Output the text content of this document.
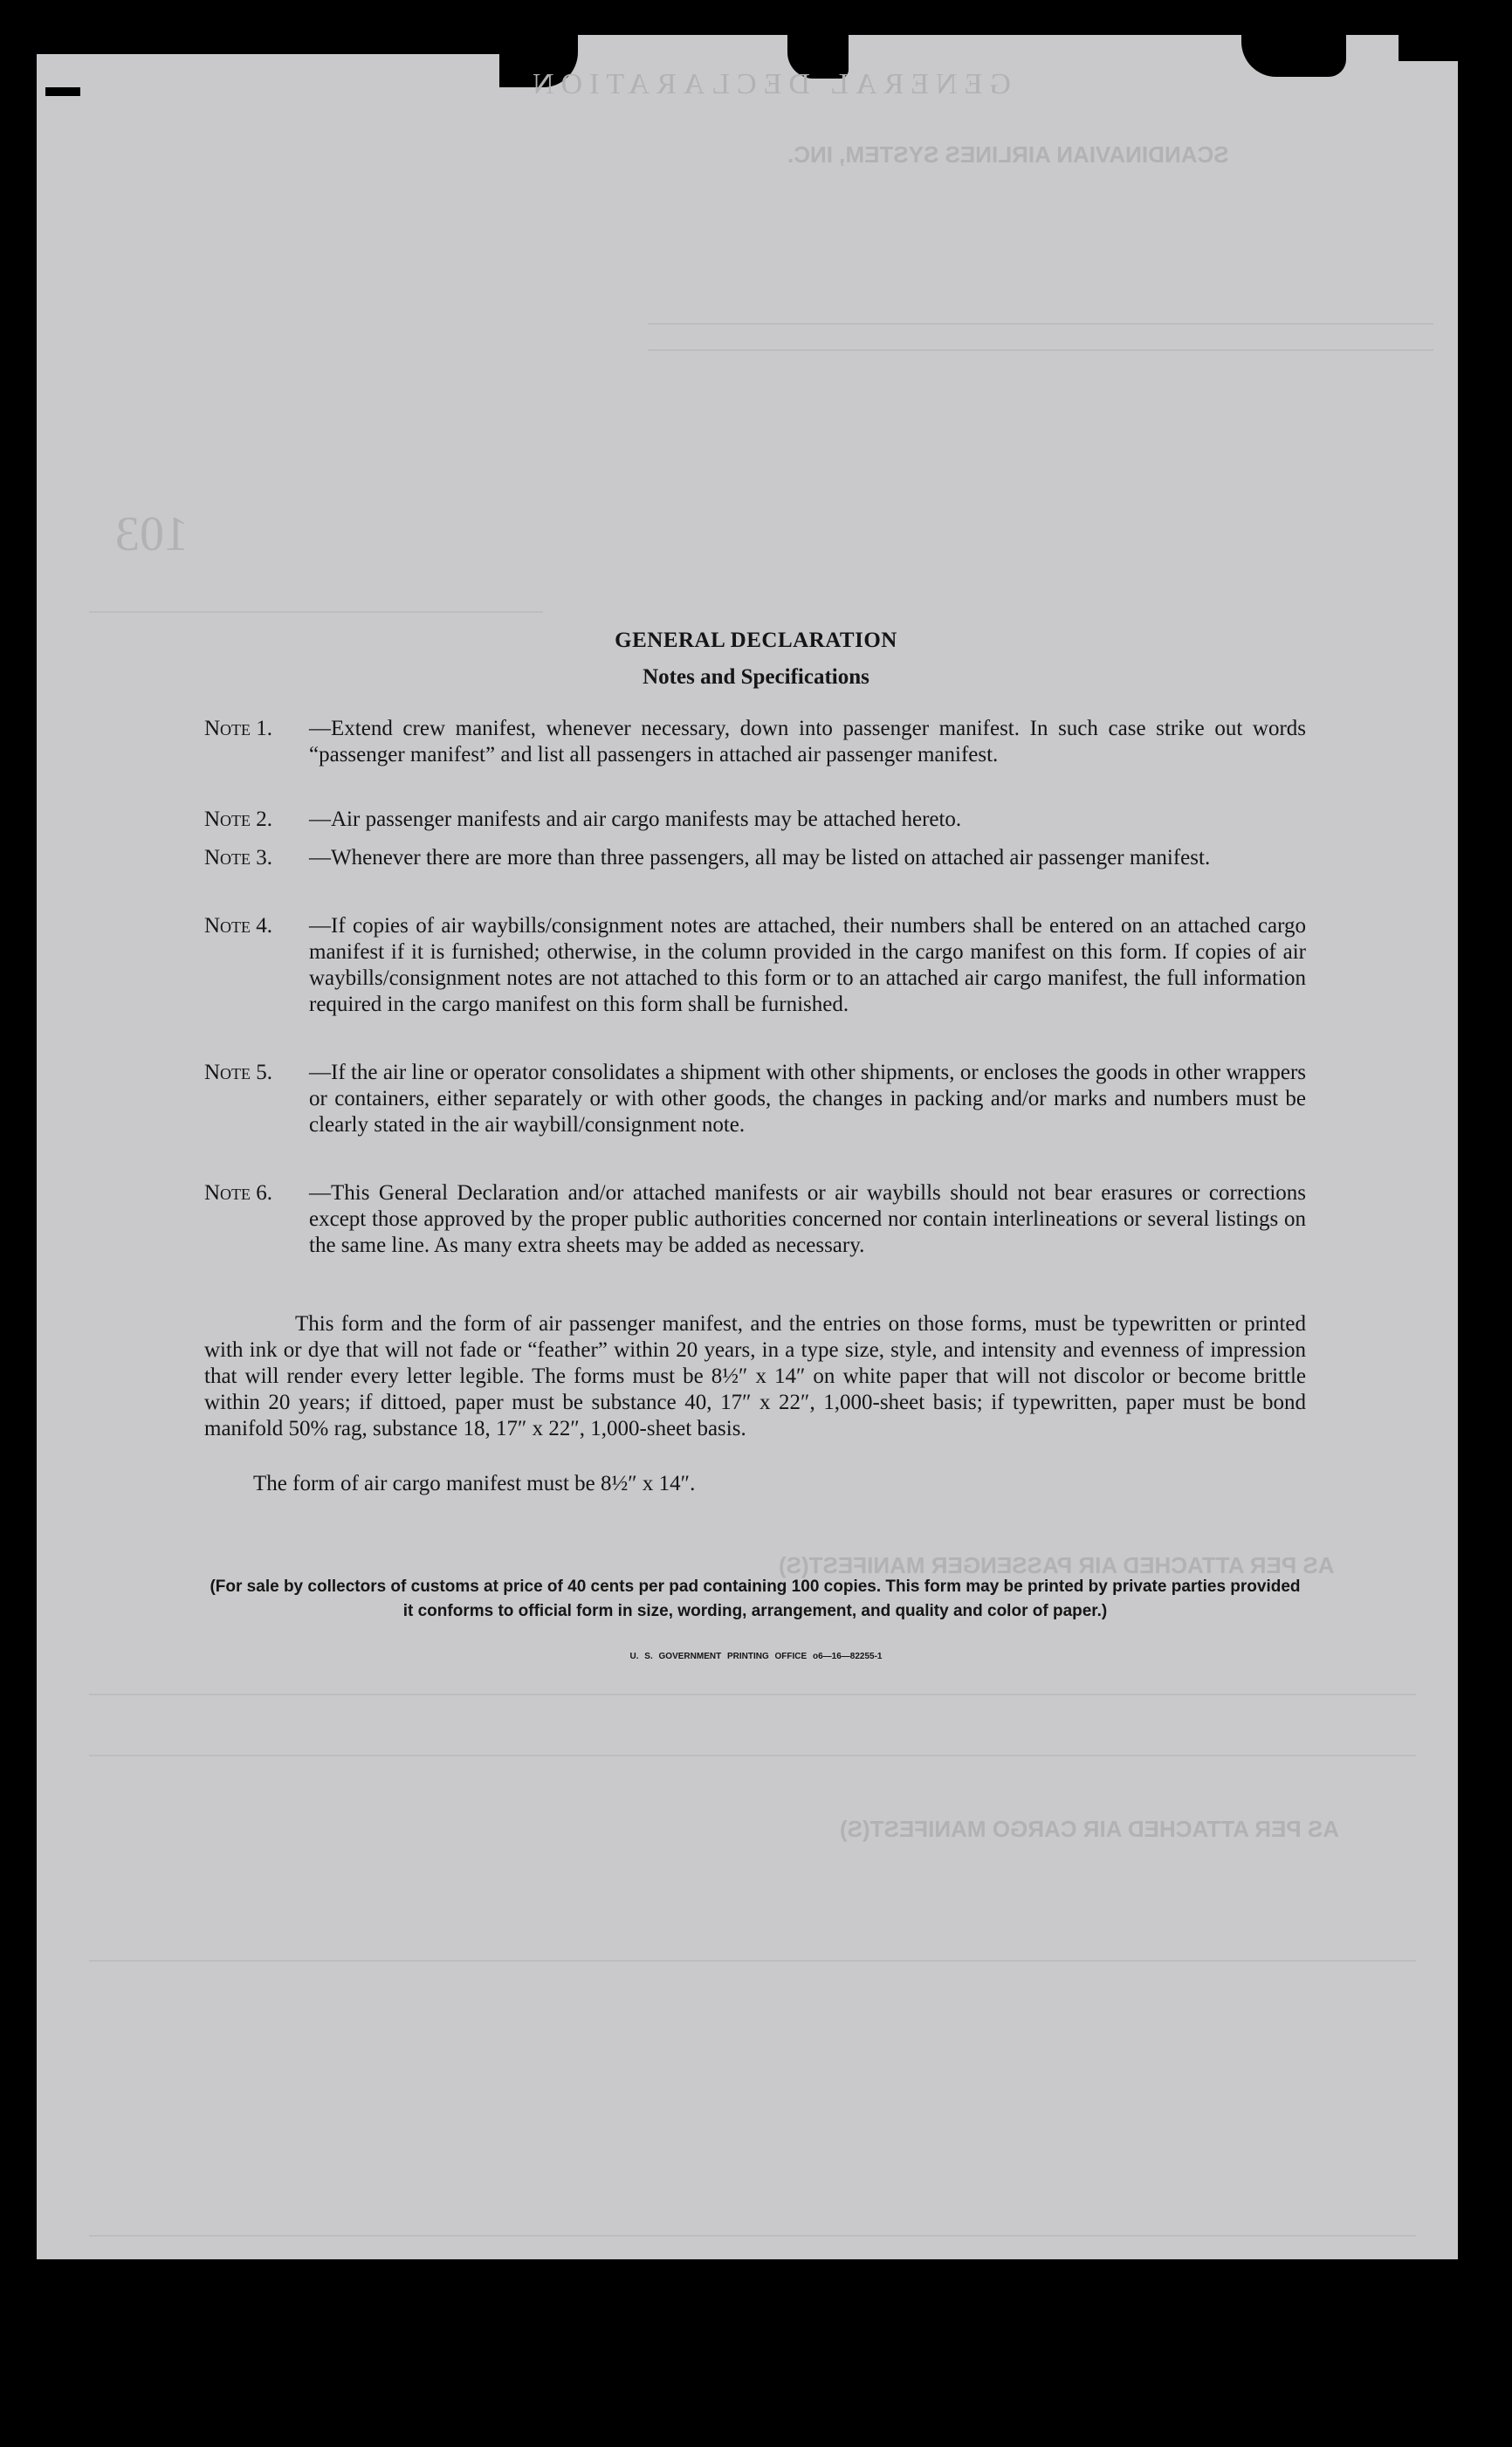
SCANDINAVIAN AIRLINES SYSTEM, INC.
GENERAL DECLARATION
103
AS PER ATTACHED AIR PASSENGER MANIFEST(S)
AS PER ATTACHED AIR CARGO MANIFEST(S)
GENERAL DECLARATION
Notes and Specifications
Note 1. —Extend crew manifest, whenever necessary, down into passenger manifest. In such case strike out words “passenger manifest” and list all passengers in attached air passenger manifest.
Note 2. —Air passenger manifests and air cargo manifests may be attached hereto.
Note 3. —Whenever there are more than three passengers, all may be listed on attached air passenger manifest.
Note 4. —If copies of air waybills/consignment notes are attached, their numbers shall be entered on an attached cargo manifest if it is furnished; otherwise, in the column provided in the cargo manifest on this form. If copies of air waybills/consignment notes are not attached to this form or to an attached air cargo manifest, the full information required in the cargo manifest on this form shall be furnished.
Note 5. —If the air line or operator consolidates a shipment with other shipments, or encloses the goods in other wrappers or containers, either separately or with other goods, the changes in packing and/or marks and numbers must be clearly stated in the air waybill/consignment note.
Note 6. —This General Declaration and/or attached manifests or air waybills should not bear erasures or corrections except those approved by the proper public authorities concerned nor contain interlineations or several listings on the same line. As many extra sheets may be added as necessary.
This form and the form of air passenger manifest, and the entries on those forms, must be typewritten or printed with ink or dye that will not fade or “feather” within 20 years, in a type size, style, and intensity and evenness of impression that will render every letter legible. The forms must be 8½″ x 14″ on white paper that will not discolor or become brittle within 20 years; if dittoed, paper must be substance 40, 17″ x 22″, 1,000-sheet basis; if typewritten, paper must be bond manifold 50% rag, substance 18, 17″ x 22″, 1,000-sheet basis.
The form of air cargo manifest must be 8½″ x 14″.
(For sale by collectors of customs at price of 40 cents per pad containing 100 copies. This form may be printed by private parties provided it conforms to official form in size, wording, arrangement, and quality and color of paper.)
U. S. GOVERNMENT PRINTING OFFICE o6—16—82255-1
